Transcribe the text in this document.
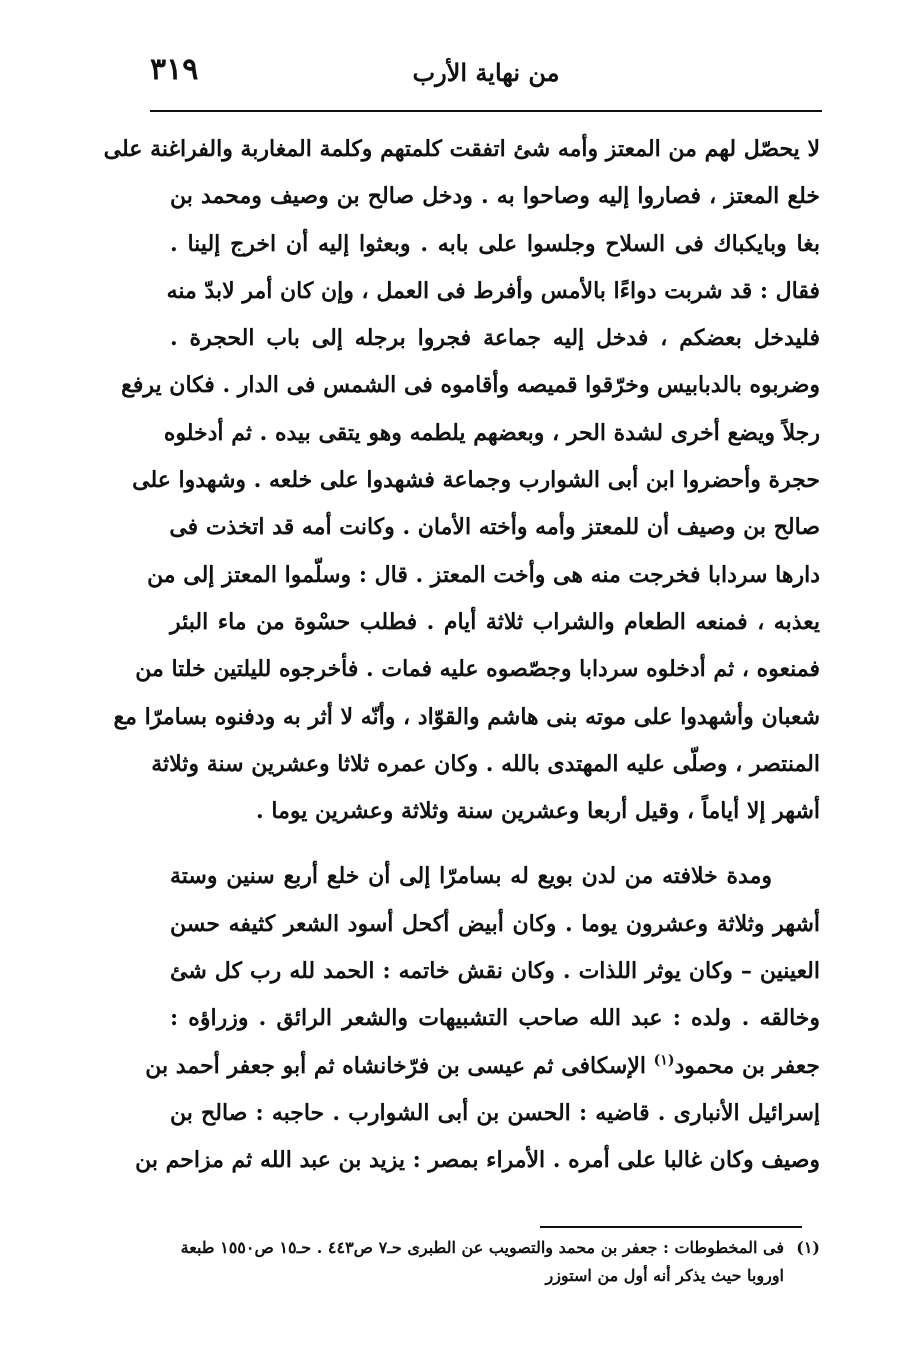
٣١٩	من نهاية الأرب

لا يحصّل لهم من المعتز وأمه شئ اتفقت كلمتهم وكلمة المغاربة والفراغنة على
خلع المعتز ، فصاروا إليه وصاحوا به . ودخل صالح بن وصيف ومحمد بن
بغا وبايكباك فى السلاح وجلسوا على بابه . وبعثوا إليه أن اخرج إلينا .
فقال : قد شربت دواءًا بالأمس وأفرط فى العمل ، وإن كان أمر لابدّ منه
فليدخل بعضكم ، فدخل إليه جماعة فجروا برجله إلى باب الحجرة .
وضربوه بالدبابيس وخرّقوا قميصه وأقاموه فى الشمس فى الدار . فكان يرفع
رجلاً ويضع أخرى لشدة الحر ، وبعضهم يلطمه وهو يتقى بيده . ثم أدخلوه
حجرة وأحضروا ابن أبى الشوارب وجماعة فشهدوا على خلعه . وشهدوا على
صالح بن وصيف أن للمعتز وأمه وأخته الأمان . وكانت أمه قد اتخذت فى
دارها سردابا فخرجت منه هى وأخت المعتز . قال : وسلّموا المعتز إلى من
يعذبه ، فمنعه الطعام والشراب ثلاثة أيام . فطلب حسْوة من ماء البئر
فمنعوه ، ثم أدخلوه سردابا وجصّصوه عليه فمات . فأخرجوه لليلتين خلتا من
شعبان وأشهدوا على موته بنى هاشم والقوّاد ، وأنّه لا أثر به ودفنوه بسامرّا مع
المنتصر ، وصلّى عليه المهتدى بالله . وكان عمره ثلاثا وعشرين سنة وثلاثة
أشهر إلا أياماً ، وقيل أربعا وعشرين سنة وثلاثة وعشرين يوما .

ومدة خلافته من لدن بويع له بسامرّا إلى أن خلع أربع سنين وستة
أشهر وثلاثة وعشرون يوما . وكان أبيض أكحل أسود الشعر كثيفه حسن
العينين – وكان يوثر اللذات . وكان نقش خاتمه : الحمد لله رب كل شئ
وخالقه . ولده : عبد الله صاحب التشبيهات والشعر الرائق . وزراؤه :
جعفر بن محمود$^{(١)}$ الإسكافى ثم عيسى بن فرّخانشاه ثم أبو جعفر أحمد بن
إسرائيل الأنبارى . قاضيه : الحسن بن أبى الشوارب . حاجبه : صالح بن
وصيف وكان غالبا على أمره . الأمراء بمصر : يزيد بن عبد الله ثم مزاحم بن

(١)فى المخطوطات : جعفر بن محمد والتصويب عن الطبرى حـ٧ ص٤٤٣ . حـ١٥ ص١٥٥٠ طبعة
اوروبا حيث يذكر أنه أول من استوزر
